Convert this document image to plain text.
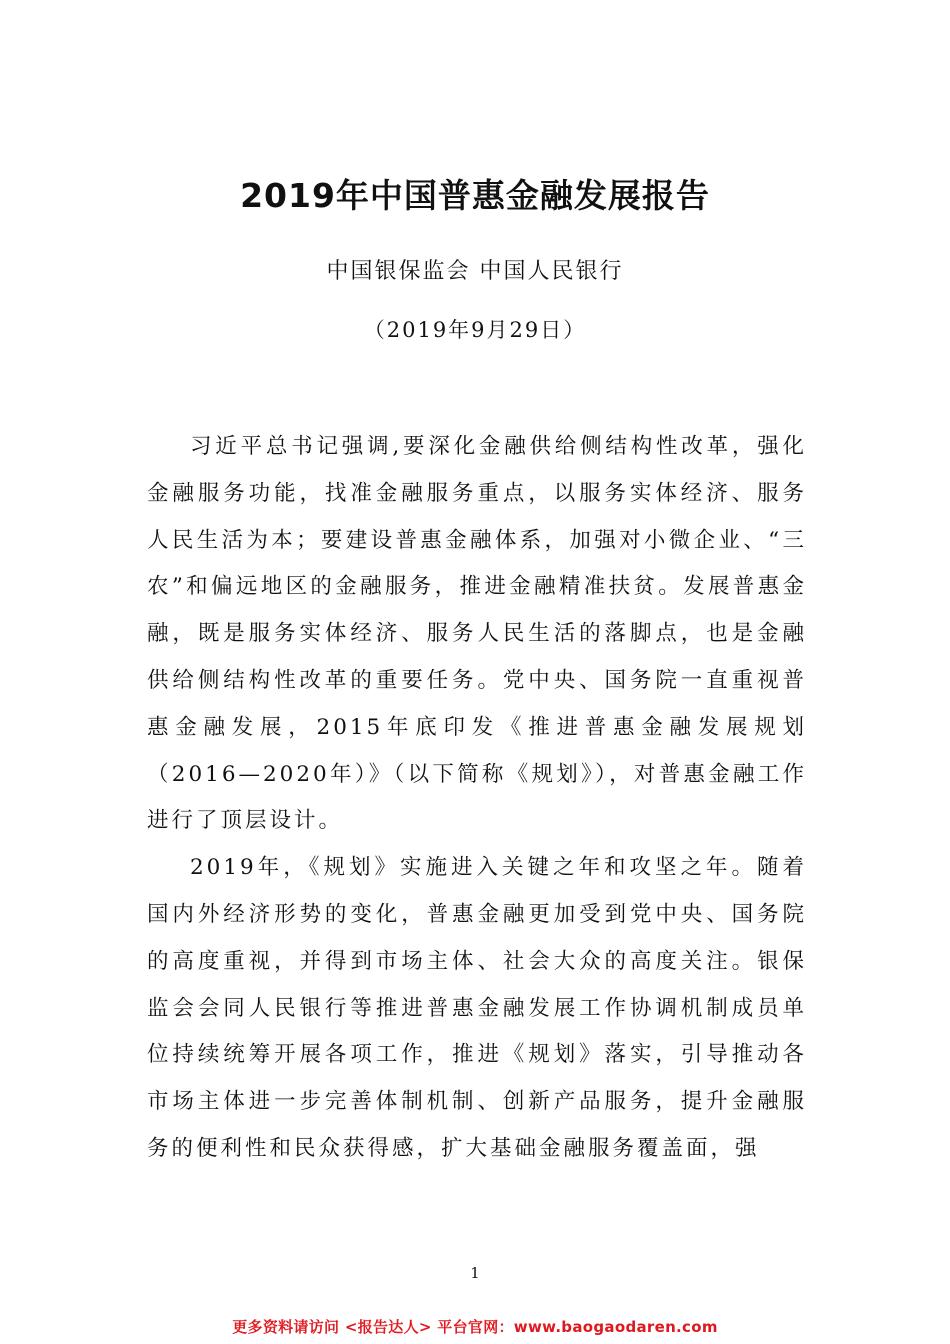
2019年中国普惠金融发展报告
中国银保监会 中国人民银行
（2019年9月29日）

习近平总书记强调,要深化金融供给侧结构性改革，强化金融服务功能，找准金融服务重点，以服务实体经济、服务人民生活为本；要建设普惠金融体系，加强对小微企业、“三农”和偏远地区的金融服务，推进金融精准扶贫。发展普惠金融，既是服务实体经济、服务人民生活的落脚点，也是金融供给侧结构性改革的重要任务。党中央、国务院一直重视普惠金融发展，2015年底印发《推进普惠金融发展规划（2016—2020年）》（以下简称《规划》），对普惠金融工作进行了顶层设计。

2019年，《规划》实施进入关键之年和攻坚之年。随着国内外经济形势的变化，普惠金融更加受到党中央、国务院的高度重视，并得到市场主体、社会大众的高度关注。银保监会会同人民银行等推进普惠金融发展工作协调机制成员单位持续统筹开展各项工作，推进《规划》落实，引导推动各市场主体进一步完善体制机制、创新产品服务，提升金融服务的便利性和民众获得感，扩大基础金融服务覆盖面，强

1
更多资料请访问 <报告达人> 平台官网：www.baogaodaren.com
